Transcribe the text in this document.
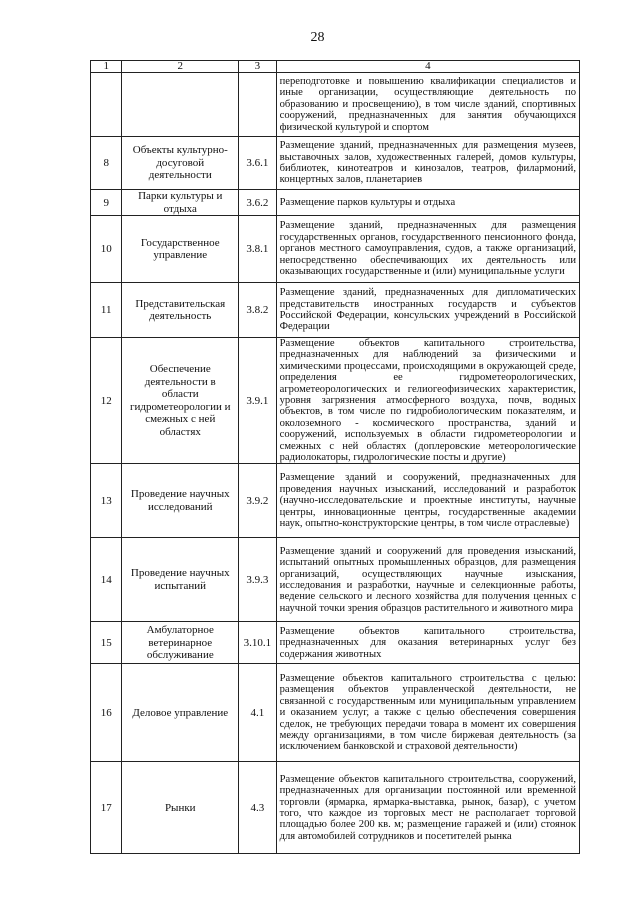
28
1	2	3	4
			переподготовке и повышению квалификации специалистов и иные организации, осуществляющие деятельность по образованию и просвещению), в том числе зданий, спортивных сооружений, предназначенных для занятия обучающихся физической культурой и спортом
8	Объекты культурно-досуговой деятельности	3.6.1	Размещение зданий, предназначенных для размещения музеев, выставочных залов, художественных галерей, домов культуры, библиотек, кинотеатров и кинозалов, театров, филармоний, концертных залов, планетариев
9	Парки культуры и отдыха	3.6.2	Размещение парков культуры и отдыха
10	Государственное управление	3.8.1	Размещение зданий, предназначенных для размещения государственных органов, государственного пенсионного фонда, органов местного самоуправления, судов, а также организаций, непосредственно обеспечивающих их деятельность или оказывающих государственные и (или) муниципальные услуги
11	Представительская деятельность	3.8.2	Размещение зданий, предназначенных для дипломатических представительств иностранных государств и субъектов Российской Федерации, консульских учреждений в Российской Федерации
12	Обеспечение деятельности в области гидрометеорологии и смежных с ней областях	3.9.1	Размещение объектов капитального строительства, предназначенных для наблюдений за физическими и химическими процессами, происходящими в окружающей среде, определения ее гидрометеорологических, агрометеорологических и гелиогеофизических характеристик, уровня загрязнения атмосферного воздуха, почв, водных объектов, в том числе по гидробиологическим показателям, и околоземного - космического пространства, зданий и сооружений, используемых в области гидрометеорологии и смежных с ней областях (доплеровские метеорологические радиолокаторы, гидрологические посты и другие)
13	Проведение научных исследований	3.9.2	Размещение зданий и сооружений, предназначенных для проведения научных изысканий, исследований и разработок (научно-исследовательские и проектные институты, научные центры, инновационные центры, государственные академии наук, опытно-конструкторские центры, в том числе отраслевые)
14	Проведение научных испытаний	3.9.3	Размещение зданий и сооружений для проведения изысканий, испытаний опытных промышленных образцов, для размещения организаций, осуществляющих научные изыскания, исследования и разработки, научные и селекционные работы, ведение сельского и лесного хозяйства для получения ценных с научной точки зрения образцов растительного и животного мира
15	Амбулаторное ветеринарное обслуживание	3.10.1	Размещение объектов капитального строительства, предназначенных для оказания ветеринарных услуг без содержания животных
16	Деловое управление	4.1	Размещение объектов капитального строительства с целью: размещения объектов управленческой деятельности, не связанной с государственным или муниципальным управлением и оказанием услуг, а также с целью обеспечения совершения сделок, не требующих передачи товара в момент их совершения между организациями, в том числе биржевая деятельность (за исключением банковской и страховой деятельности)
17	Рынки	4.3	Размещение объектов капитального строительства, сооружений, предназначенных для организации постоянной или временной торговли (ярмарка, ярмарка-выставка, рынок, базар), с учетом того, что каждое из торговых мест не располагает торговой площадью более 200 кв. м; размещение гаражей и (или) стоянок для автомобилей сотрудников и посетителей рынка
